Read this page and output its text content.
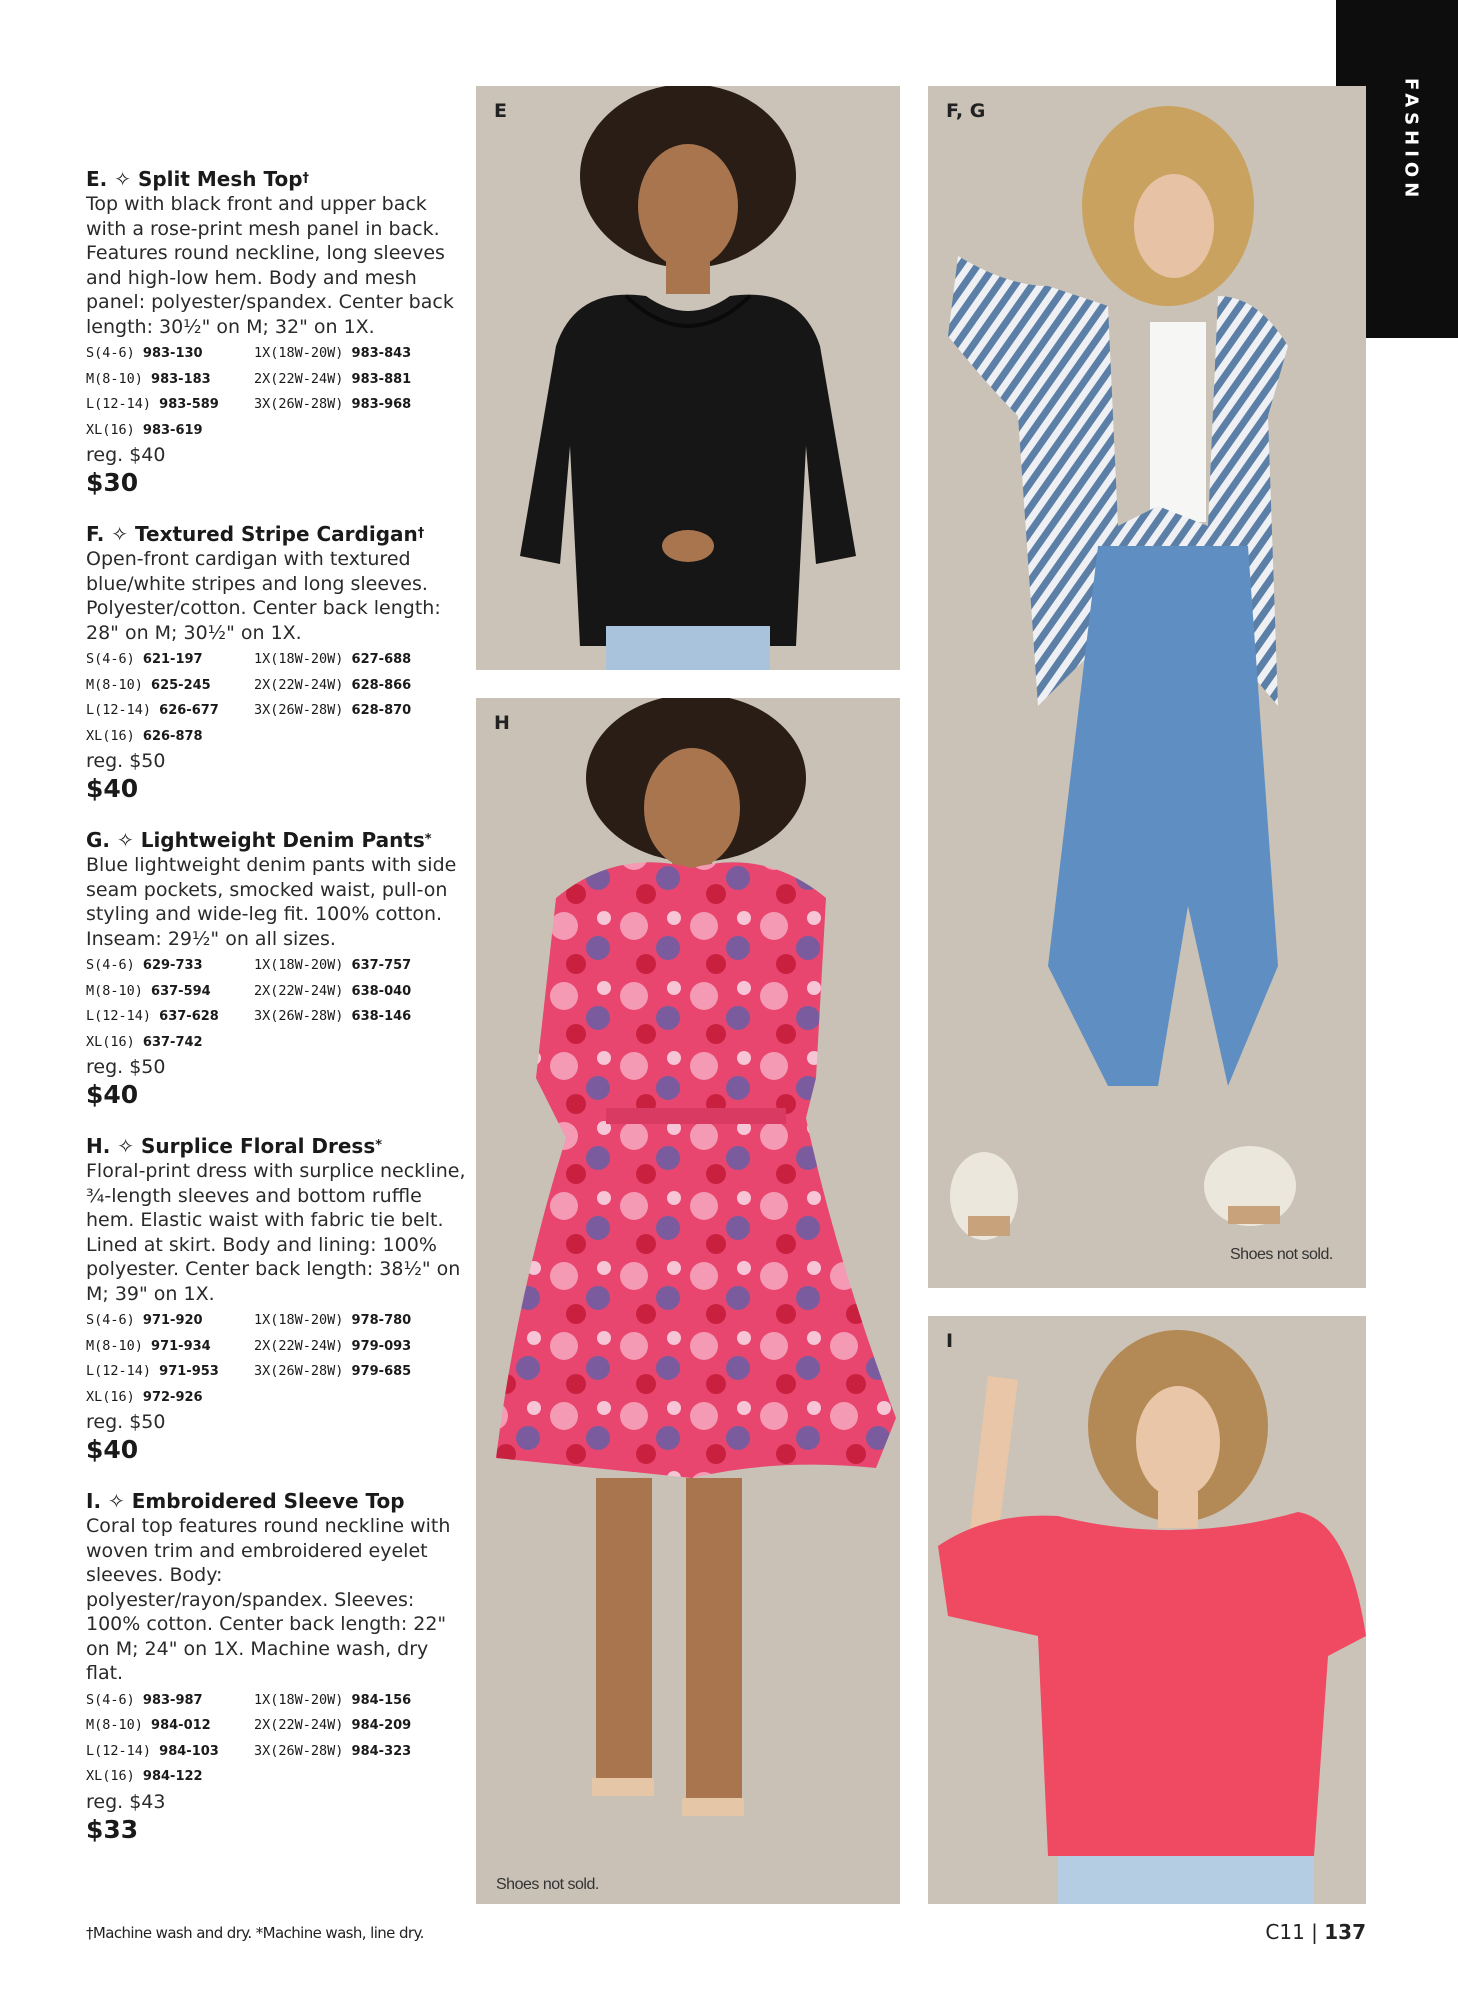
FASHION

E. ✧ Split Mesh Top†

Top with black front and upper back with a rose-print mesh panel in back. Features round neckline, long sleeves and high-low hem. Body and mesh panel: polyester/spandex. Center back length: 30½" on M; 32" on 1X.

S(4-6) 983-130	1X(18W-20W) 983-843
M(8-10) 983-183	2X(22W-24W) 983-881
L(12-14) 983-589	3X(26W-28W) 983-968
XL(16) 983-619

reg. $40

$30

F. ✧ Textured Stripe Cardigan†

Open-front cardigan with textured blue/white stripes and long sleeves. Polyester/cotton. Center back length: 28" on M; 30½" on 1X.

S(4-6) 621-197	1X(18W-20W) 627-688
M(8-10) 625-245	2X(22W-24W) 628-866
L(12-14) 626-677	3X(26W-28W) 628-870
XL(16) 626-878

reg. $50

$40

G. ✧ Lightweight Denim Pants*

Blue lightweight denim pants with side seam pockets, smocked waist, pull-on styling and wide-leg fit. 100% cotton. Inseam: 29½" on all sizes.

S(4-6) 629-733	1X(18W-20W) 637-757
M(8-10) 637-594	2X(22W-24W) 638-040
L(12-14) 637-628	3X(26W-28W) 638-146
XL(16) 637-742

reg. $50

$40

H. ✧ Surplice Floral Dress*

Floral-print dress with surplice neckline, ¾-length sleeves and bottom ruffle hem. Elastic waist with fabric tie belt. Lined at skirt. Body and lining: 100% polyester. Center back length: 38½" on M; 39" on 1X.

S(4-6) 971-920	1X(18W-20W) 978-780
M(8-10) 971-934	2X(22W-24W) 979-093
L(12-14) 971-953	3X(26W-28W) 979-685
XL(16) 972-926

reg. $50

$40

I. ✧ Embroidered Sleeve Top

Coral top features round neckline with woven trim and embroidered eyelet sleeves. Body: polyester/rayon/spandex. Sleeves: 100% cotton. Center back length: 22" on M; 24" on 1X. Machine wash, dry flat.

S(4-6) 983-987	1X(18W-20W) 984-156
M(8-10) 984-012	2X(22W-24W) 984-209
L(12-14) 984-103	3X(26W-28W) 984-323
XL(16) 984-122

reg. $43

$33

E	F, G
Shoes not sold.
H
Shoes not sold.
I
†Machine wash and dry. *Machine wash, line dry.	C11 | 137
